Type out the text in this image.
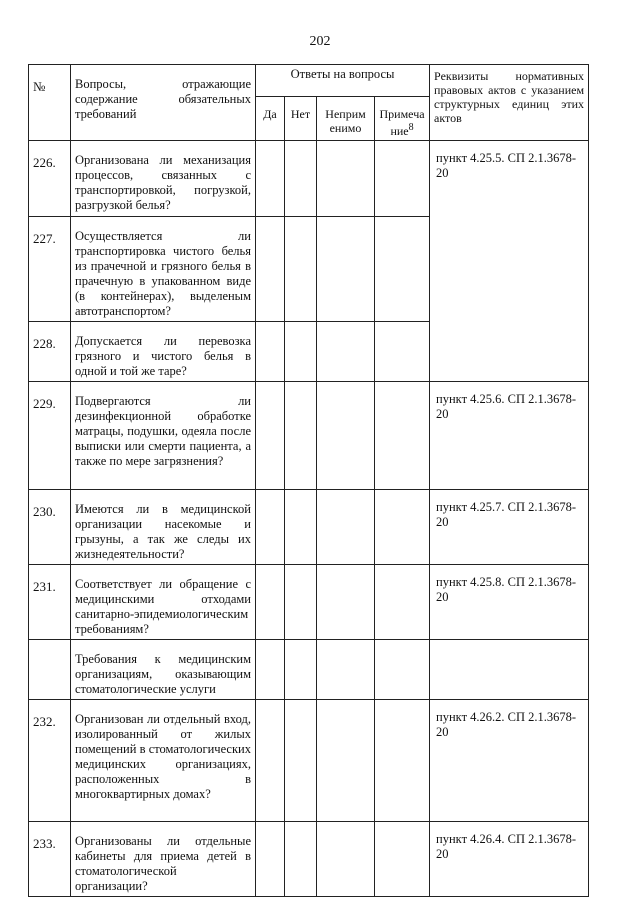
202
№	Вопросы, отражающие содержание обязательных требований	Ответы на вопросы				Реквизиты нормативных правовых актов с указанием структурных единиц этих актов
		Да	Нет	Неприм енимо	Примеча ние$^8$
226.	Организована ли механизация процессов, связанных с транспортировкой, погрузкой, разгрузкой белья?					пункт 4.25.5. СП 2.1.3678-20
227.	Осуществляется ли транспортировка чистого белья из прачечной и грязного белья в прачечную в упакованном виде (в контейнерах), выделеным автотранспортом?					
228.	Допускается ли перевозка грязного и чистого белья в одной и той же таре?					
229.	Подвергаются ли дезинфекционной обработке матрацы, подушки, одеяла после выписки или смерти пациента, а также по мере загрязнения?					пункт 4.25.6. СП 2.1.3678-20
230.	Имеются ли в медицинской организации насекомые и грызуны, а так же следы их жизнедеятельности?					пункт 4.25.7. СП 2.1.3678-20
231.	Соответствует ли обращение с медицинскими отходами санитарно-эпидемиологическим требованиям?					пункт 4.25.8. СП 2.1.3678-20
	Требования к медицинским организациям, оказывающим стоматологические услуги					
232.	Организован ли отдельный вход, изолированный от жилых помещений в стоматологических медицинских организациях, расположенных в многоквартирных домах?					пункт 4.26.2. СП 2.1.3678-20
233.	Организованы ли отдельные кабинеты для приема детей в стоматологической организации?					пункт 4.26.4. СП 2.1.3678-20
